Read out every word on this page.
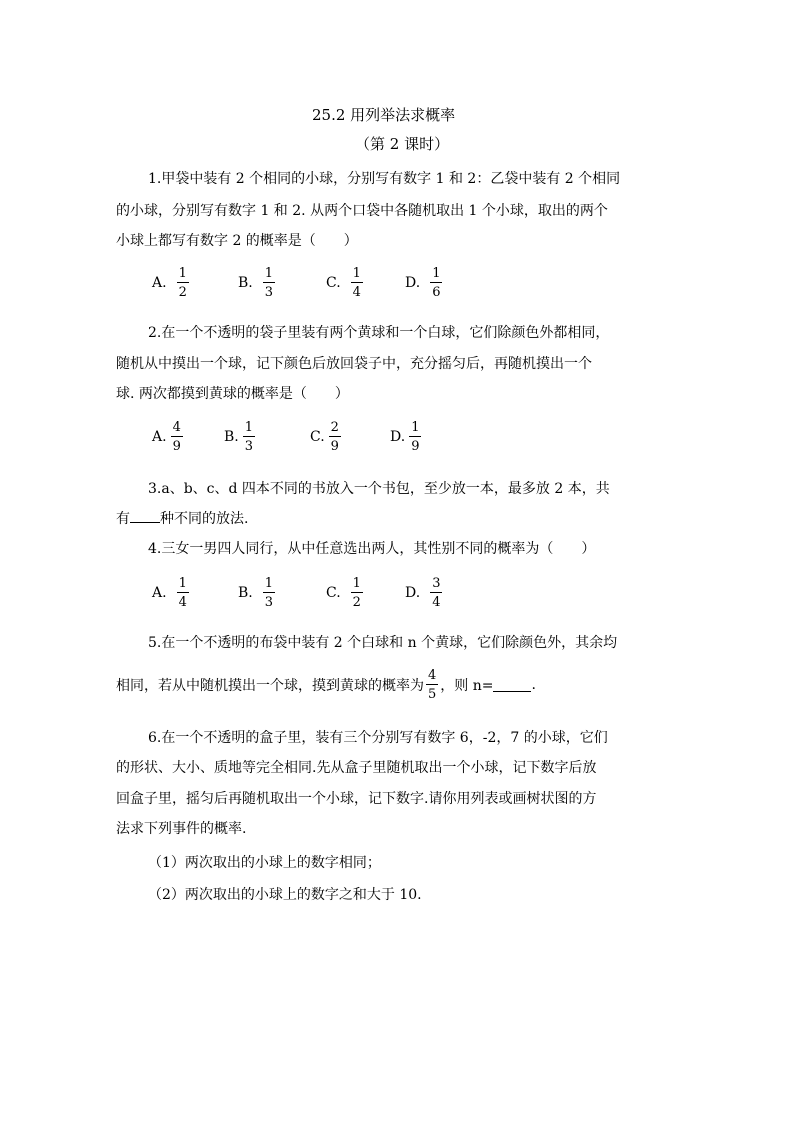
25.2 用列举法求概率
（第 2 课时）
1.甲袋中装有 2 个相同的小球，分别写有数字 1 和 2：乙袋中装有 2 个相同
的小球，分别写有数字 1 和 2. 从两个口袋中各随机取出 1 个小球，取出的两个
小球上都写有数字 2 的概率是（　　）
A. $\frac{1}{2}$	B. $\frac{1}{3}$	C. $\frac{1}{4}$	D. $\frac{1}{6}$
2.在一个不透明的袋子里装有两个黄球和一个白球，它们除颜色外都相同，
随机从中摸出一个球，记下颜色后放回袋子中，充分摇匀后，再随机摸出一个
球. 两次都摸到黄球的概率是（　　）
A. $\frac{4}{9}$	B. $\frac{1}{3}$	C. $\frac{2}{9}$	D. $\frac{1}{9}$
3.a、b、c、d 四本不同的书放入一个书包，至少放一本，最多放 2 本，共
有 种不同的放法.
4.三女一男四人同行，从中任意选出两人，其性别不同的概率为（　　）
A. $\frac{1}{4}$	B. $\frac{1}{3}$	C. $\frac{1}{2}$	D. $\frac{3}{4}$
5.在一个不透明的布袋中装有 2 个白球和 n 个黄球，它们除颜色外，其余均
相同，若从中随机摸出一个球，摸到黄球的概率为 $\frac{4}{5}$ ，则 n=	.
6.在一个不透明的盒子里，装有三个分别写有数字 6，-2，7 的小球，它们
的形状、大小、质地等完全相同.先从盒子里随机取出一个小球，记下数字后放
回盒子里，摇匀后再随机取出一个小球，记下数字.请你用列表或画树状图的方
法求下列事件的概率.
（1）两次取出的小球上的数字相同；
（2）两次取出的小球上的数字之和大于 10.
